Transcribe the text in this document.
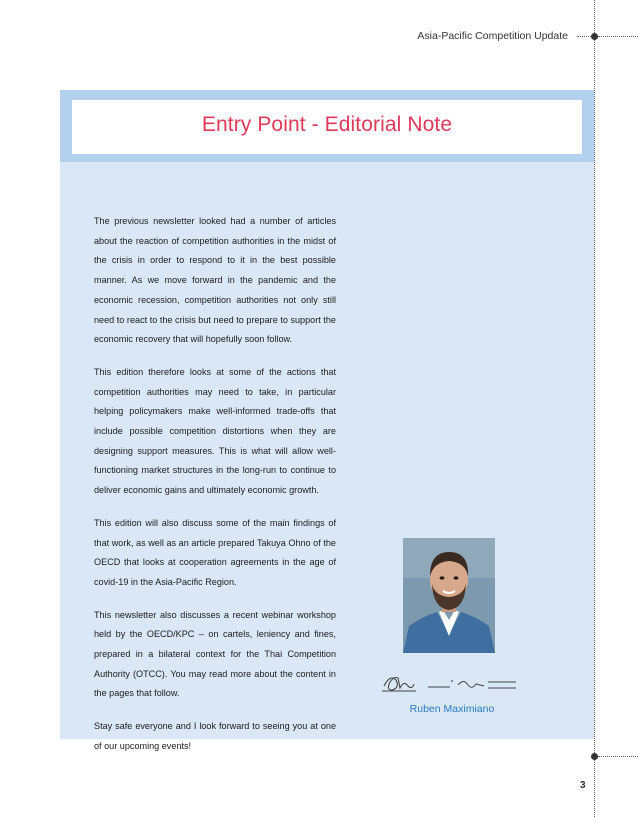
Asia-Pacific Competition Update
Entry Point - Editorial Note

The previous newsletter looked had a number of articles about the reaction of competition authorities in the midst of the crisis in order to respond to it in the best possible manner. As we move forward in the pandemic and the economic recession, competition authorities not only still need to react to the crisis but need to prepare to support the economic recovery that will hopefully soon follow.

This edition therefore looks at some of the actions that competition authorities may need to take, in particular helping policymakers make well-informed trade-offs that include possible competition distortions when they are designing support measures. This is what will allow well-functioning market structures in the long-run to continue to deliver economic gains and ultimately economic growth.

This edition will also discuss some of the main findings of that work, as well as an article prepared Takuya Ohno of the OECD that looks at cooperation agreements in the age of covid-19 in the Asia-Pacific Region.

This newsletter also discusses a recent webinar workshop held by the OECD/KPC – on cartels, leniency and fines, prepared in a bilateral context for the Thai Competition Authority (OTCC). You may read more about the content in the pages that follow.

Stay safe everyone and I look forward to seeing you at one of our upcoming events!

Ruben Maximiano
3
